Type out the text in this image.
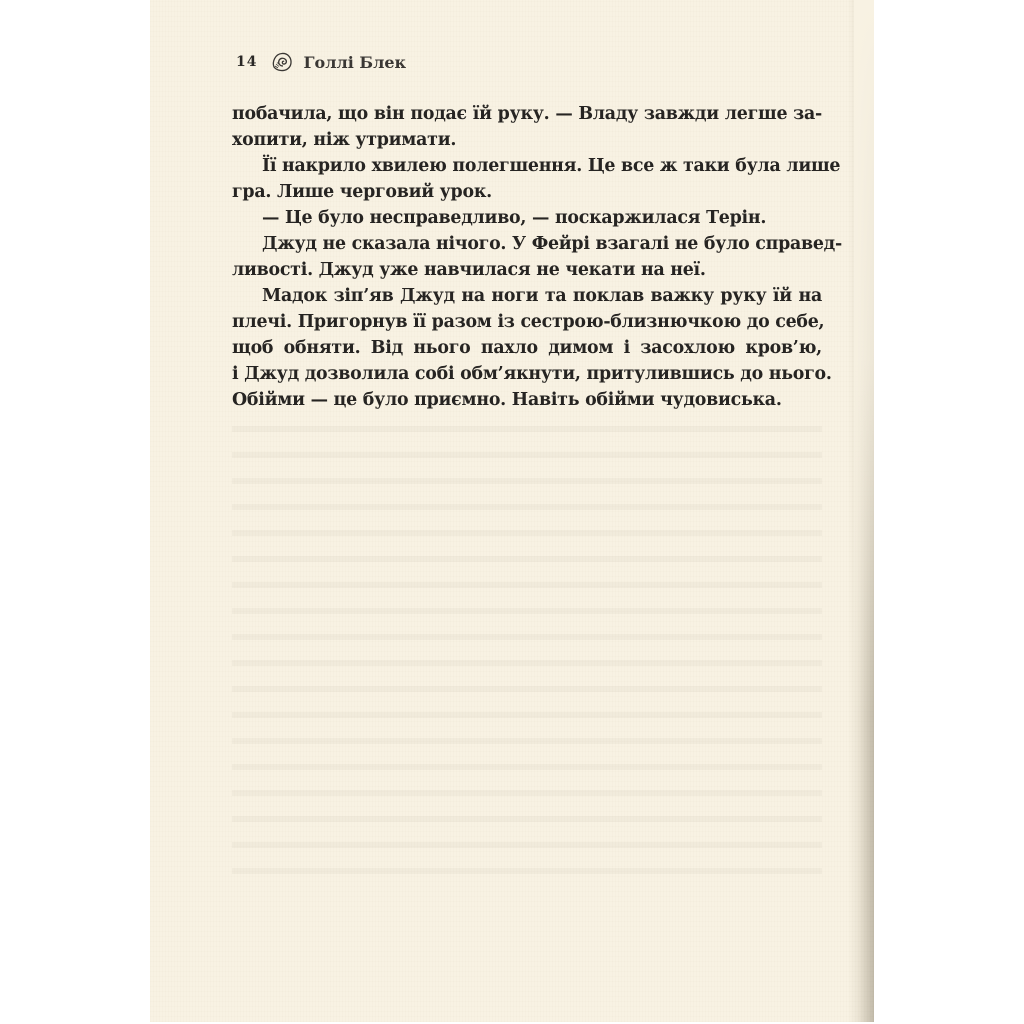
14	Голлі Блек
побачила, що він подає їй руку. — Владу завжди легше за-
хопити, ніж утримати.
Її накрило хвилею полегшення. Це все ж таки була лише
гра. Лише черговий урок.
— Це було несправедливо, — поскаржилася Терін.
Джуд не сказала нічого. У Фейрі взагалі не було справед-
ливості. Джуд уже навчилася не чекати на неї.
Мадок зіп’яв Джуд на ноги та поклав важку руку їй на
плечі. Пригорнув її разом із сестрою-близнючкою до себе,
щоб обняти. Від нього пахло димом і засохлою кров’ю,
і Джуд дозволила собі обм’якнути, притулившись до нього.
Обійми — це було приємно. Навіть обійми чудовиська.
